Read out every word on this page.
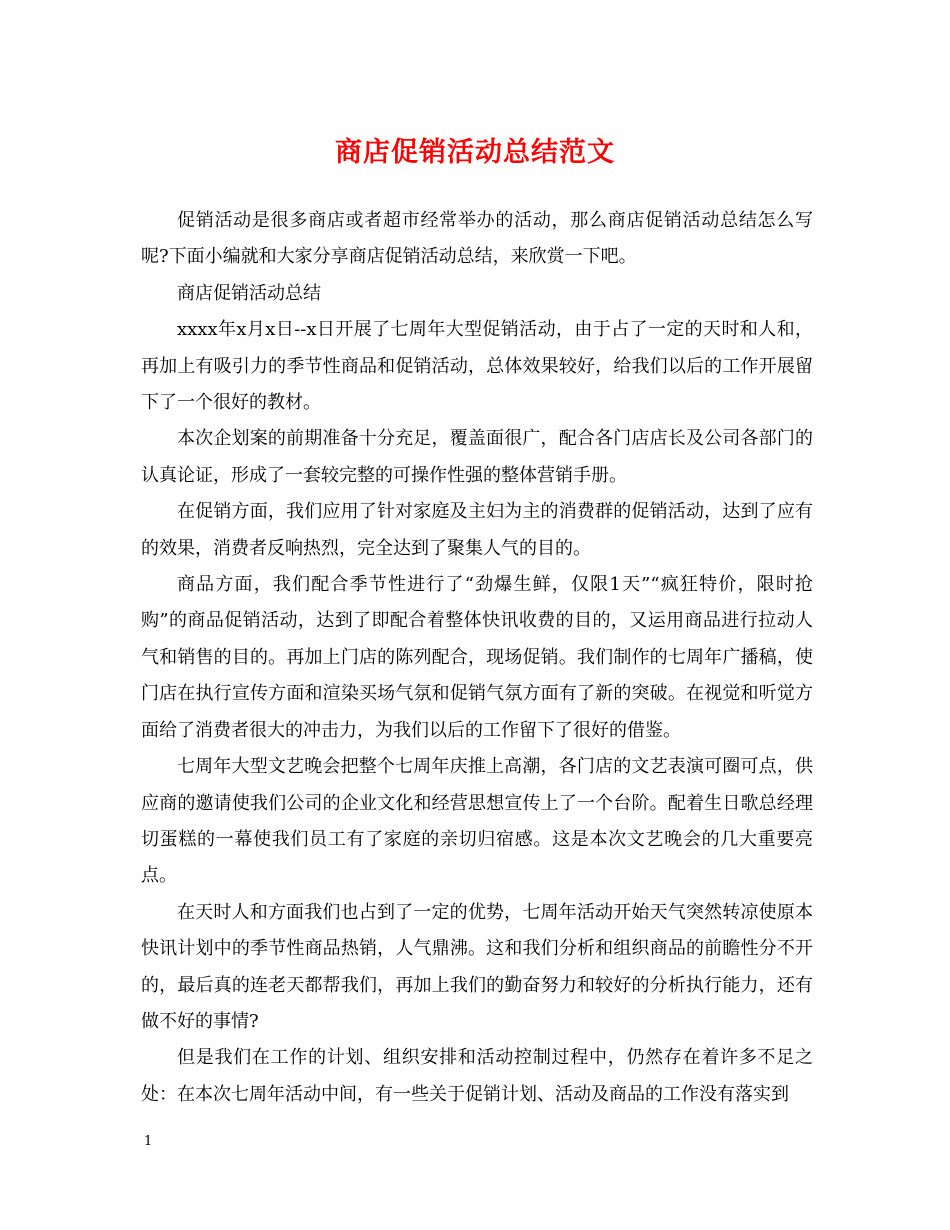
商店促销活动总结范文

促销活动是很多商店或者超市经常举办的活动，那么商店促销活动总结怎么写呢?下面小编就和大家分享商店促销活动总结，来欣赏一下吧。

商店促销活动总结

xxxx年x月x日--x日开展了七周年大型促销活动，由于占了一定的天时和人和，再加上有吸引力的季节性商品和促销活动，总体效果较好，给我们以后的工作开展留下了一个很好的教材。

本次企划案的前期准备十分充足，覆盖面很广，配合各门店店长及公司各部门的认真论证，形成了一套较完整的可操作性强的整体营销手册。

在促销方面，我们应用了针对家庭及主妇为主的消费群的促销活动，达到了应有的效果，消费者反响热烈，完全达到了聚集人气的目的。

商品方面，我们配合季节性进行了“劲爆生鲜，仅限1天”“疯狂特价，限时抢购”的商品促销活动，达到了即配合着整体快讯收费的目的，又运用商品进行拉动人气和销售的目的。再加上门店的陈列配合，现场促销。我们制作的七周年广播稿，使门店在执行宣传方面和渲染买场气氛和促销气氛方面有了新的突破。在视觉和听觉方面给了消费者很大的冲击力，为我们以后的工作留下了很好的借鉴。

七周年大型文艺晚会把整个七周年庆推上高潮，各门店的文艺表演可圈可点，供应商的邀请使我们公司的企业文化和经营思想宣传上了一个台阶。配着生日歌总经理切蛋糕的一幕使我们员工有了家庭的亲切归宿感。这是本次文艺晚会的几大重要亮点。

在天时人和方面我们也占到了一定的优势，七周年活动开始天气突然转凉使原本快讯计划中的季节性商品热销，人气鼎沸。这和我们分析和组织商品的前瞻性分不开的，最后真的连老天都帮我们，再加上我们的勤奋努力和较好的分析执行能力，还有做不好的事情?

但是我们在工作的计划、组织安排和活动控制过程中，仍然存在着许多不足之处：在本次七周年活动中间，有一些关于促销计划、活动及商品的工作没有落实到

1
